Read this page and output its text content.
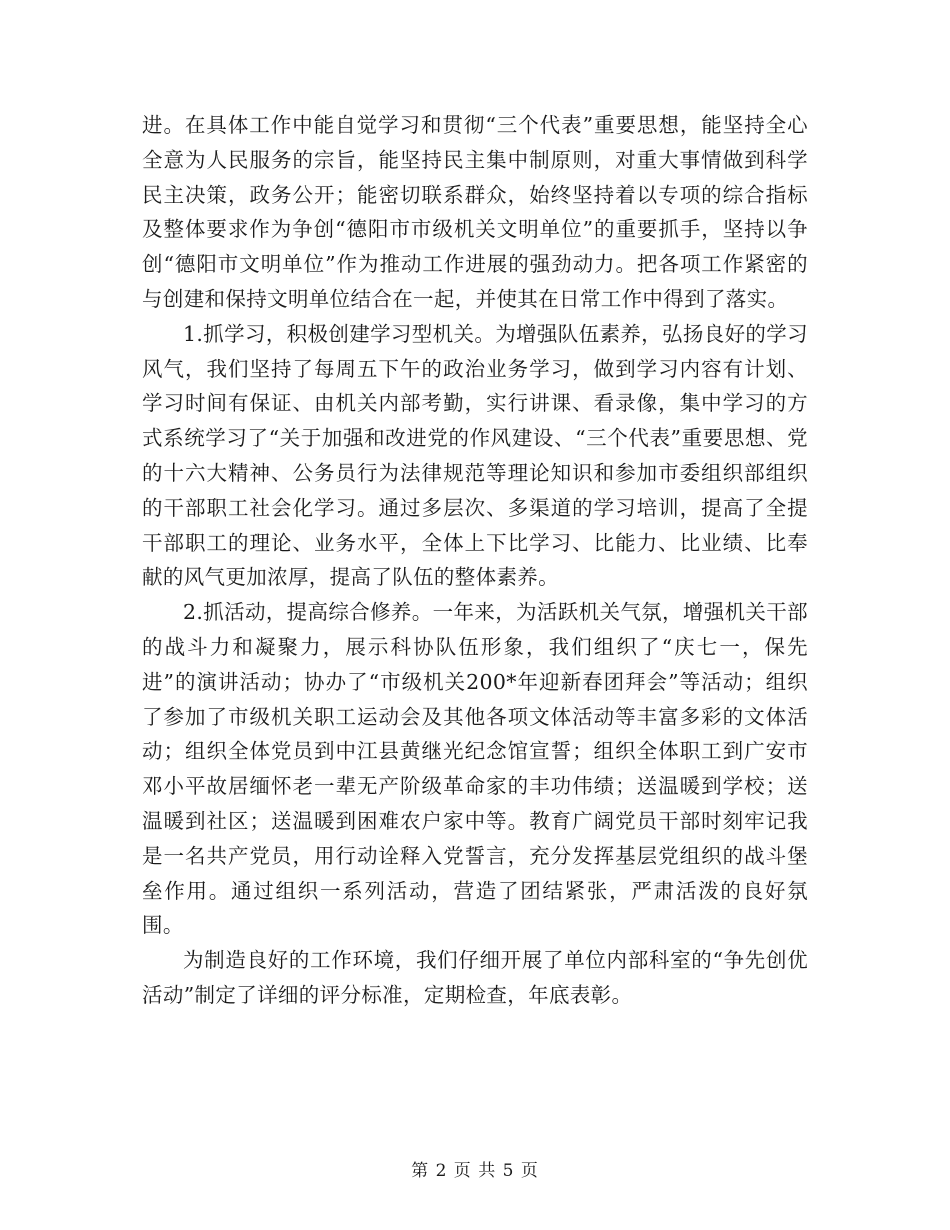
进。在具体工作中能自觉学习和贯彻“三个代表”重要思想，能坚持全心全意为人民服务的宗旨，能坚持民主集中制原则，对重大事情做到科学民主决策，政务公开；能密切联系群众，始终坚持着以专项的综合指标及整体要求作为争创“德阳市市级机关文明单位”的重要抓手，坚持以争创“德阳市文明单位”作为推动工作进展的强劲动力。把各项工作紧密的与创建和保持文明单位结合在一起，并使其在日常工作中得到了落实。

1.抓学习，积极创建学习型机关。为增强队伍素养，弘扬良好的学习风气，我们坚持了每周五下午的政治业务学习，做到学习内容有计划、学习时间有保证、由机关内部考勤，实行讲课、看录像，集中学习的方式系统学习了“关于加强和改进党的作风建设、“三个代表”重要思想、党的十六大精神、公务员行为法律规范等理论知识和参加市委组织部组织的干部职工社会化学习。通过多层次、多渠道的学习培训，提高了全提干部职工的理论、业务水平，全体上下比学习、比能力、比业绩、比奉献的风气更加浓厚，提高了队伍的整体素养。

2.抓活动，提高综合修养。一年来，为活跃机关气氛，增强机关干部的战斗力和凝聚力，展示科协队伍形象，我们组织了“庆七一，保先进”的演讲活动；协办了“市级机关200*年迎新春团拜会”等活动；组织了参加了市级机关职工运动会及其他各项文体活动等丰富多彩的文体活动；组织全体党员到中江县黄继光纪念馆宣誓；组织全体职工到广安市邓小平故居缅怀老一辈无产阶级革命家的丰功伟绩；送温暖到学校；送温暖到社区；送温暖到困难农户家中等。教育广阔党员干部时刻牢记我是一名共产党员，用行动诠释入党誓言，充分发挥基层党组织的战斗堡垒作用。通过组织一系列活动，营造了团结紧张，严肃活泼的良好氛围。

为制造良好的工作环境，我们仔细开展了单位内部科室的“争先创优活动”制定了详细的评分标准，定期检查，年底表彰。

第 2 页 共 5 页
